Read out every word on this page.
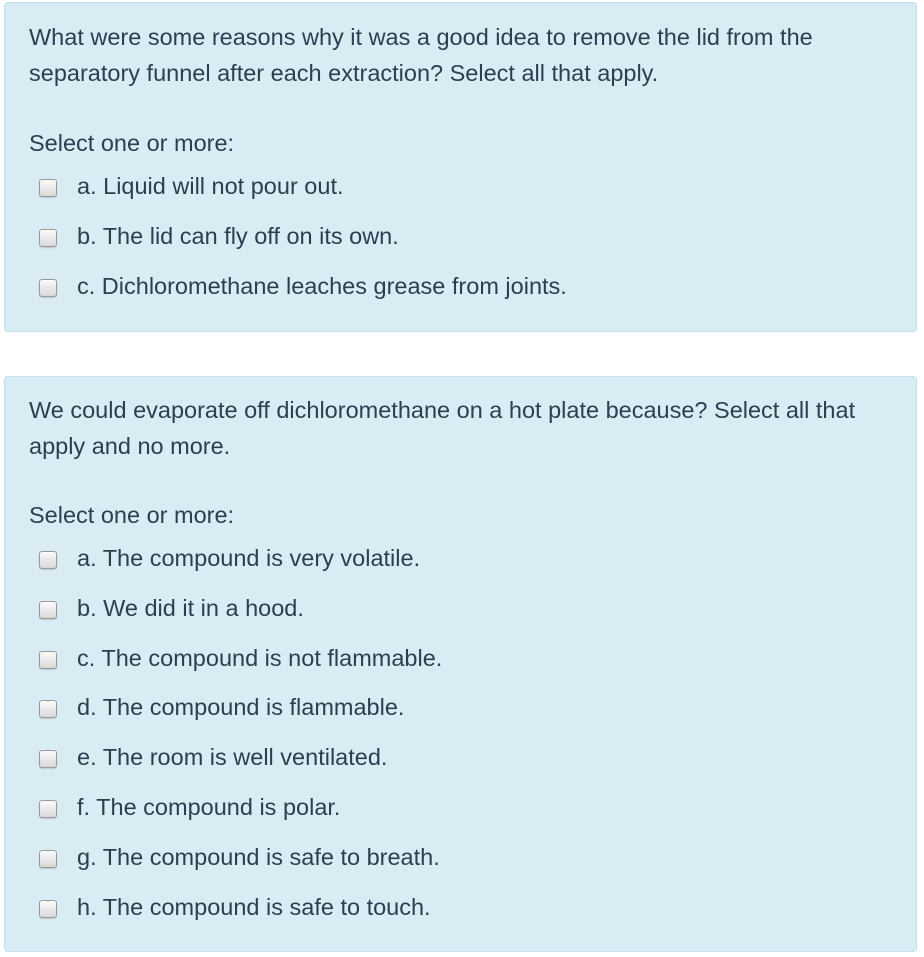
What were some reasons why it was a good idea to remove the lid from the separatory funnel after each extraction? Select all that apply.

Select one or more:

a. Liquid will not pour out.
b. The lid can fly off on its own.
c. Dichloromethane leaches grease from joints.

We could evaporate off dichloromethane on a hot plate because? Select all that apply and no more.

Select one or more:

a. The compound is very volatile.
b. We did it in a hood.
c. The compound is not flammable.
d. The compound is flammable.
e. The room is well ventilated.
f. The compound is polar.
g. The compound is safe to breath.
h. The compound is safe to touch.
